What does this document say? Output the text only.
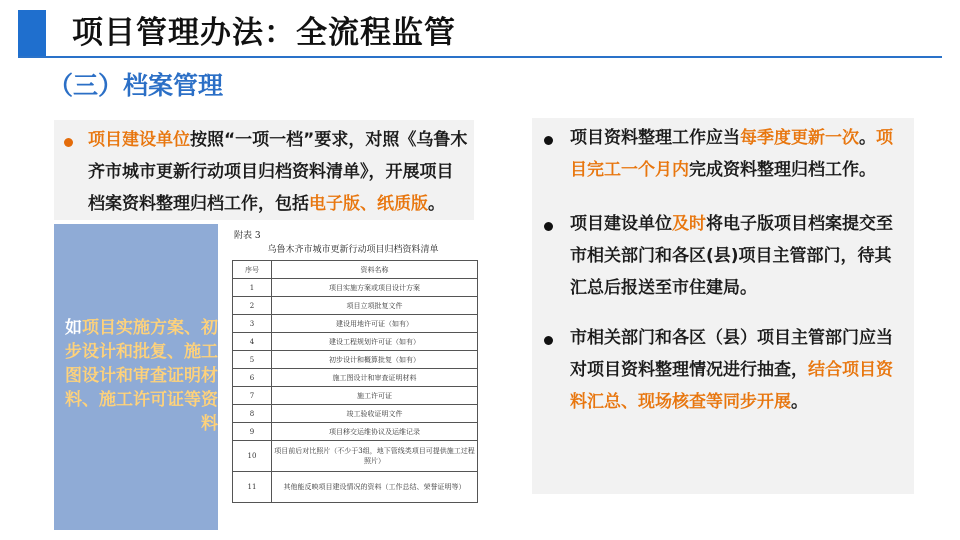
项目管理办法：全流程监管
（三）档案管理
项目建设单位按照“一项一档”要求，对照《乌鲁木齐市城市更新行动项目归档资料清单》，开展项目档案资料整理归档工作，包括电子版、纸质版。
如项目实施方案、初步设计和批复、施工图设计和审查证明材料、施工许可证等资料
附表 3
乌鲁木齐市城市更新行动项目归档资料清单
序号	资料名称
1	项目实施方案或项目设计方案
2	项目立项批复文件
3	建设用地许可证（如有）
4	建设工程规划许可证（如有）
5	初步设计和概算批复（如有）
6	施工图设计和审查证明材料
7	施工许可证
8	竣工验收证明文件
9	项目移交运维协议及运维记录
10	项目前后对比照片（不少于3组，地下管线类项目可提供施工过程照片）
11	其他能反映项目建设情况的资料（工作总结、荣誉证明等）
项目资料整理工作应当每季度更新一次。项目完工一个月内完成资料整理归档工作。
项目建设单位及时将电子版项目档案提交至市相关部门和各区(县)项目主管部门，待其汇总后报送至市住建局。
市相关部门和各区（县）项目主管部门应当对项目资料整理情况进行抽查，结合项目资料汇总、现场核查等同步开展。
